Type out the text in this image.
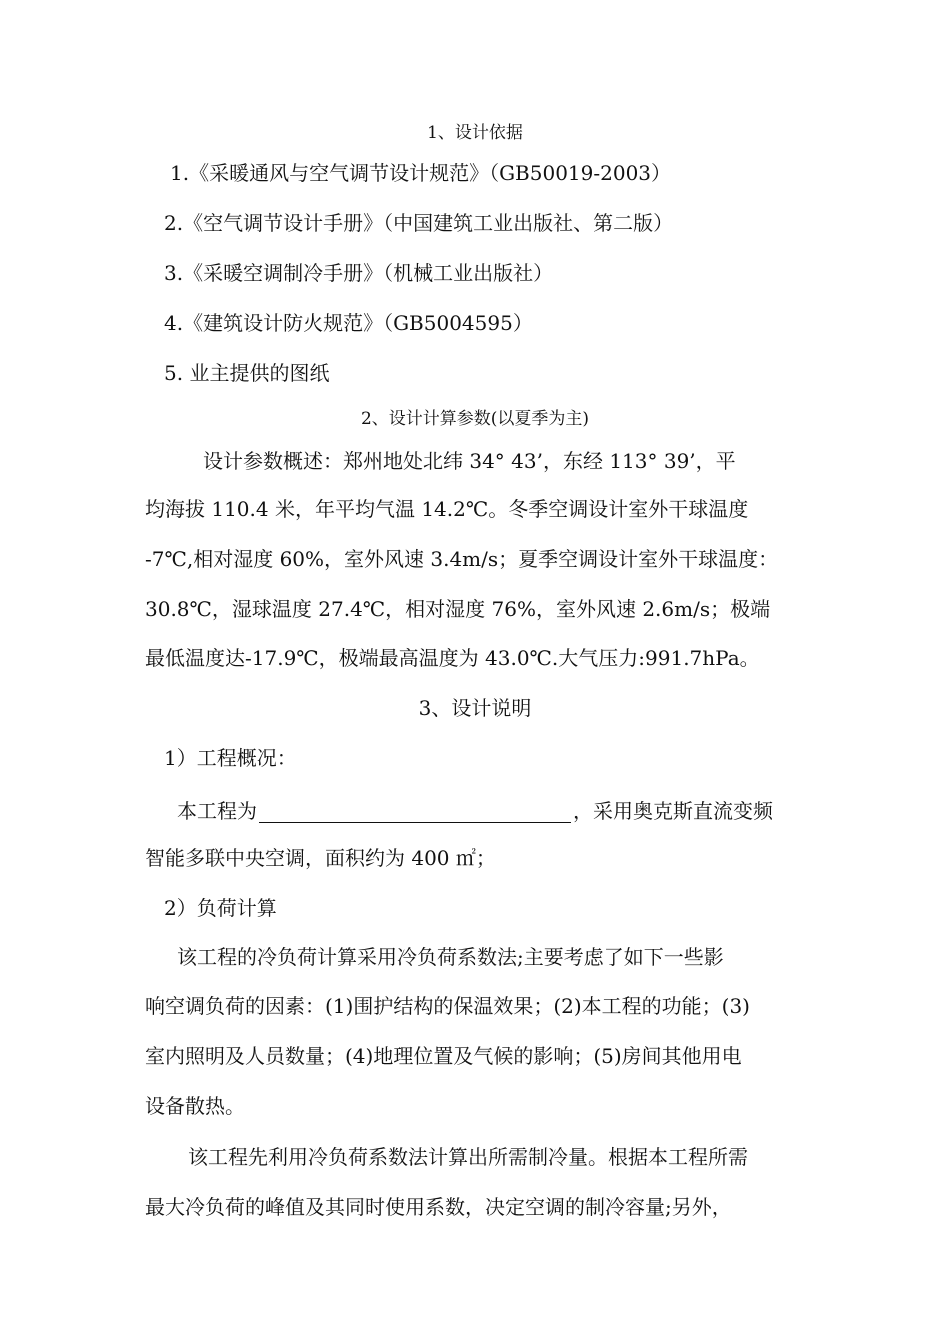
1、设计依据
1.《采暖通风与空气调节设计规范》（GB50019-2003）
2.《空气调节设计手册》（中国建筑工业出版社、第二版）
3.《采暖空调制冷手册》（机械工业出版社）
4.《建筑设计防火规范》（GB5004595）
5. 业主提供的图纸
2、设计计算参数(以夏季为主)
设计参数概述：郑州地处北纬 34° 43’，东经 113° 39’，平
均海拔 110.4 米，年平均气温 14.2℃。冬季空调设计室外干球温度
-7℃,相对湿度 60%，室外风速 3.4m/s；夏季空调设计室外干球温度：
30.8℃，湿球温度 27.4℃，相对湿度 76%，室外风速 2.6m/s；极端
最低温度达-17.9℃，极端最高温度为 43.0℃.大气压力:991.7hPa。
3、设计说明
1）工程概况：
本工程为	，采用奥克斯直流变频
智能多联中央空调，面积约为 400 ㎡；
2）负荷计算
该工程的冷负荷计算采用冷负荷系数法;主要考虑了如下一些影
响空调负荷的因素：(1)围护结构的保温效果；(2)本工程的功能；(3)
室内照明及人员数量；(4)地理位置及气候的影响；(5)房间其他用电
设备散热。
该工程先利用冷负荷系数法计算出所需制冷量。根据本工程所需
最大冷负荷的峰值及其同时使用系数，决定空调的制冷容量;另外，
